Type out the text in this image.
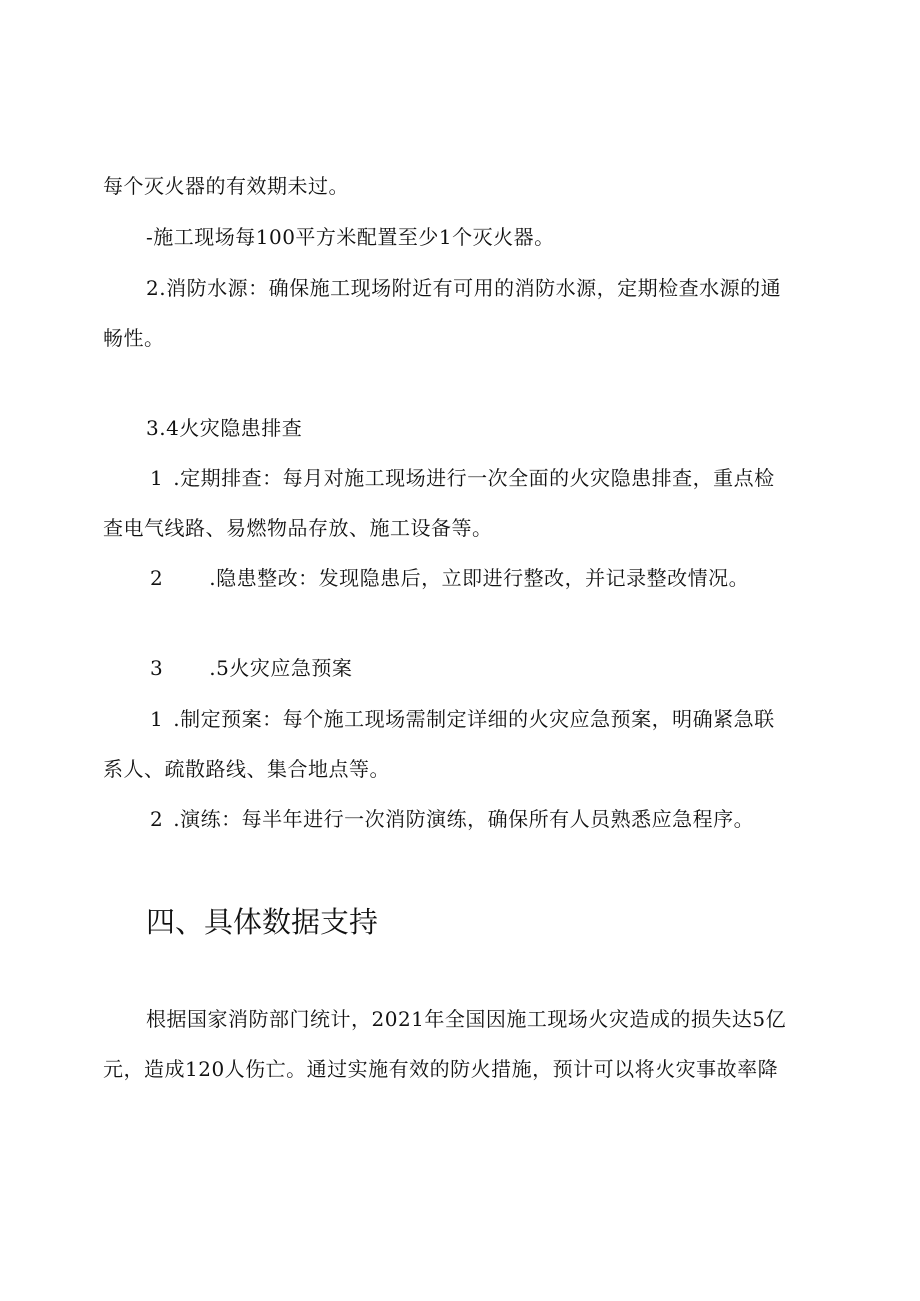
每个灭火器的有效期未过。
-施工现场每100平方米配置至少1个灭火器。
2.消防水源：确保施工现场附近有可用的消防水源，定期检查水源的通
畅性。
3.4火灾隐患排查
1 .定期排查：每月对施工现场进行一次全面的火灾隐患排查，重点检
查电气线路、易燃物品存放、施工设备等。
2 .隐患整改：发现隐患后，立即进行整改，并记录整改情况。
3 .5火灾应急预案
1 .制定预案：每个施工现场需制定详细的火灾应急预案，明确紧急联
系人、疏散路线、集合地点等。
2 .演练：每半年进行一次消防演练，确保所有人员熟悉应急程序。
四、具体数据支持
根据国家消防部门统计，2021年全国因施工现场火灾造成的损失达5亿
元，造成120人伤亡。通过实施有效的防火措施，预计可以将火灾事故率降
